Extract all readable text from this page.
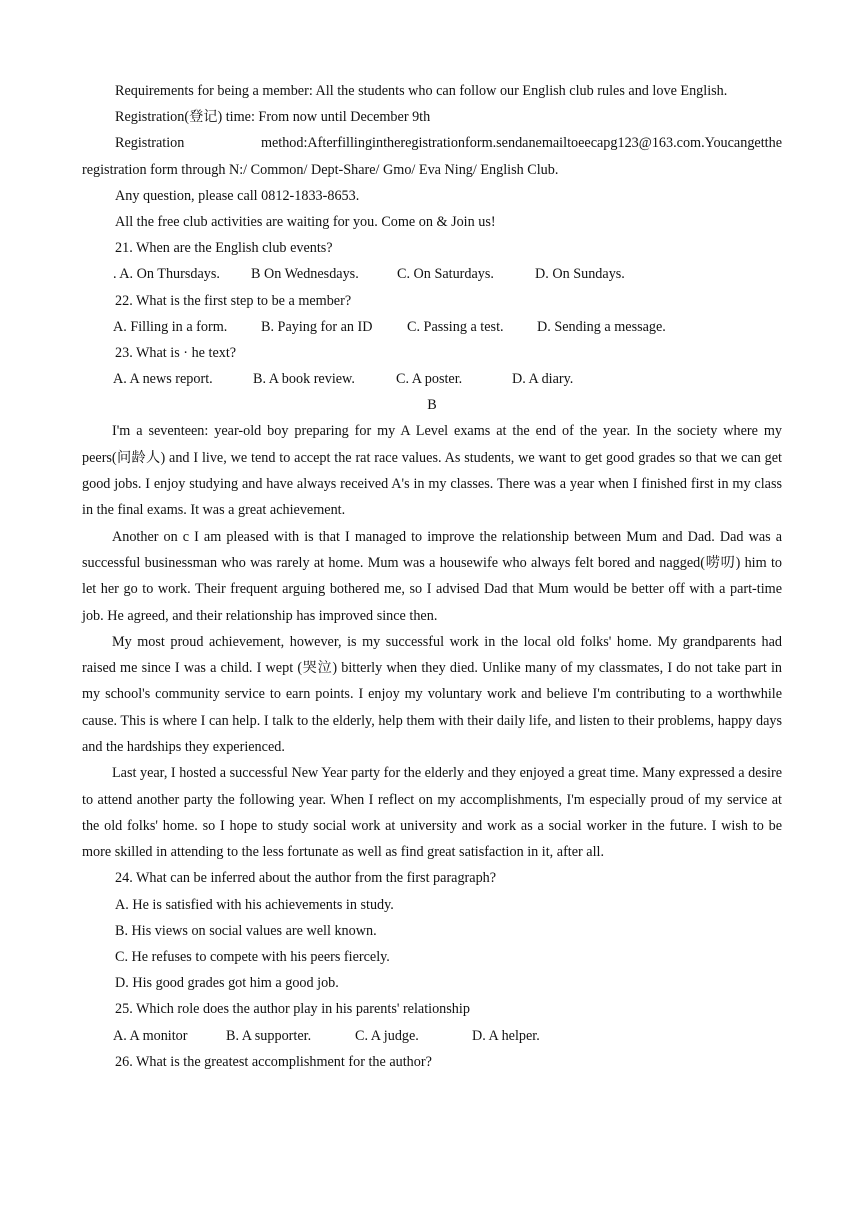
Requirements for being a member: All the students who can follow our English club rules and love English.
Registration(登记) time: From now until December 9th
Registration	method:Afterfillingintheregistrationform.sendanemailtoeecapg123@163.com.Youcangetthe
registration form through N:/ Common/ Dept-Share/ Gmo/ Eva Ning/ English Club.
Any question, please call 0812-1833-8653.
All the free club activities are waiting for you. Come on & Join us!
21. When are the English club events?
. A. On Thursdays.	B On Wednesdays.	C. On Saturdays.	D. On Sundays.
22. What is the first step to be a member?
A. Filling in a form.	B. Paying for an ID	C. Passing a test.	D. Sending a message.
23. What is · he text?
A. A news report.	B. A book review.	C. A poster.	D. A diary.
B

I'm a seventeen: year-old boy preparing for my A Level exams at the end of the year. In the society where my peers(问龄人) and I live, we tend to accept the rat race values. As students, we want to get good grades so that we can get good jobs. I enjoy studying and have always received A's in my classes. There was a year when I finished first in my class in the final exams. It was a great achievement.

Another on c I am pleased with is that I managed to improve the relationship between Mum and Dad. Dad was a successful businessman who was rarely at home. Mum was a housewife who always felt bored and nagged(唠叨) him to let her go to work. Their frequent arguing bothered me, so I advised Dad that Mum would be better off with a part-time job. He agreed, and their relationship has improved since then.

My most proud achievement, however, is my successful work in the local old folks' home. My grandparents had raised me since I was a child. I wept (哭泣) bitterly when they died. Unlike many of my classmates, I do not take part in my school's community service to earn points. I enjoy my voluntary work and believe I'm contributing to a worthwhile cause. This is where I can help. I talk to the elderly, help them with their daily life, and listen to their problems, happy days and the hardships they experienced.

Last year, I hosted a successful New Year party for the elderly and they enjoyed a great time. Many expressed a desire to attend another party the following year. When I reflect on my accomplishments, I'm especially proud of my service at the old folks' home. so I hope to study social work at university and work as a social worker in the future. I wish to be more skilled in attending to the less fortunate as well as find great satisfaction in it, after all.

24. What can be inferred about the author from the first paragraph?
A. He is satisfied with his achievements in study.
B. His views on social values are well known.
C. He refuses to compete with his peers fiercely.
D. His good grades got him a good job.
25. Which role does the author play in his parents' relationship
A. A monitor	B. A supporter.	C. A judge.	D. A helper.
26. What is the greatest accomplishment for the author?
